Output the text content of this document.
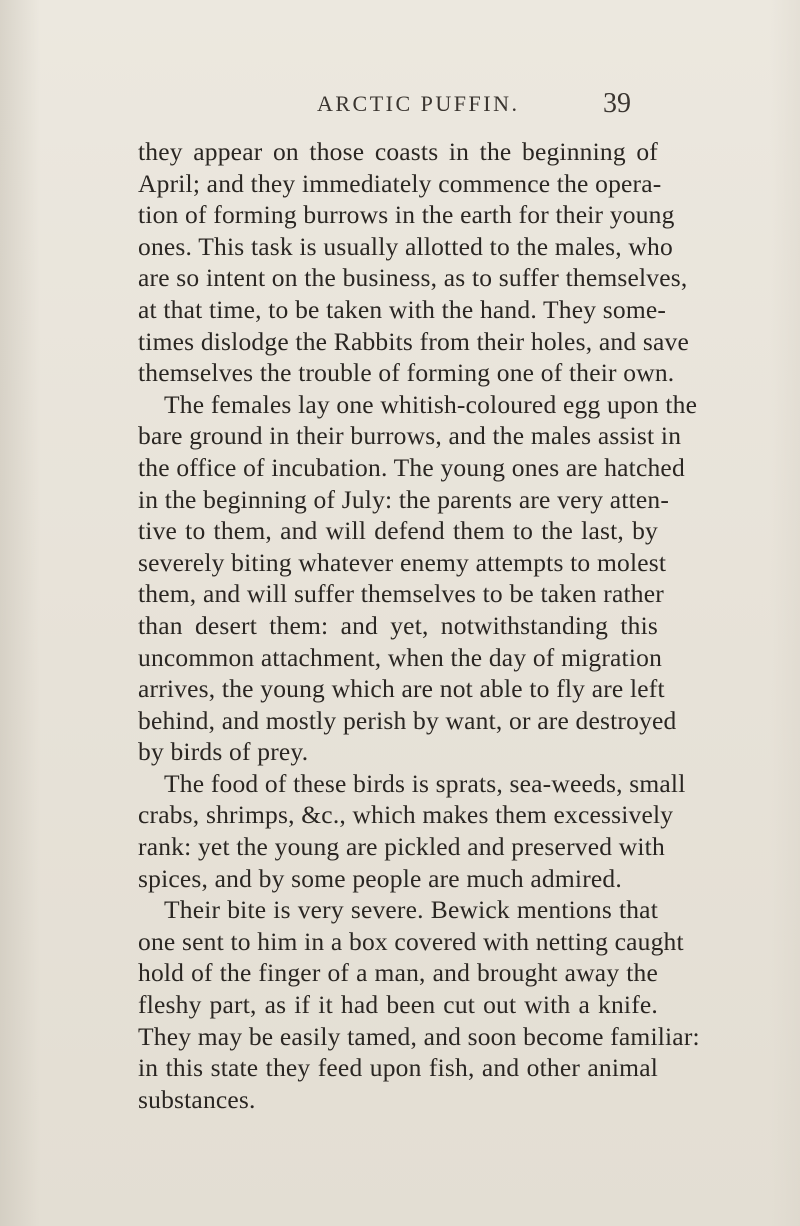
ARCTIC PUFFIN.	39
they appear on those coasts in the beginning of
April; and they immediately commence the opera-
tion of forming burrows in the earth for their young
ones. This task is usually allotted to the males, who
are so intent on the business, as to suffer themselves,
at that time, to be taken with the hand. They some-
times dislodge the Rabbits from their holes, and save
themselves the trouble of forming one of their own.
The females lay one whitish-coloured egg upon the
bare ground in their burrows, and the males assist in
the office of incubation. The young ones are hatched
in the beginning of July: the parents are very atten-
tive to them, and will defend them to the last, by
severely biting whatever enemy attempts to molest
them, and will suffer themselves to be taken rather
than desert them: and yet, notwithstanding this
uncommon attachment, when the day of migration
arrives, the young which are not able to fly are left
behind, and mostly perish by want, or are destroyed
by birds of prey.
The food of these birds is sprats, sea-weeds, small
crabs, shrimps, &c., which makes them excessively
rank: yet the young are pickled and preserved with
spices, and by some people are much admired.
Their bite is very severe. Bewick mentions that
one sent to him in a box covered with netting caught
hold of the finger of a man, and brought away the
fleshy part, as if it had been cut out with a knife.
They may be easily tamed, and soon become familiar:
in this state they feed upon fish, and other animal
substances.
